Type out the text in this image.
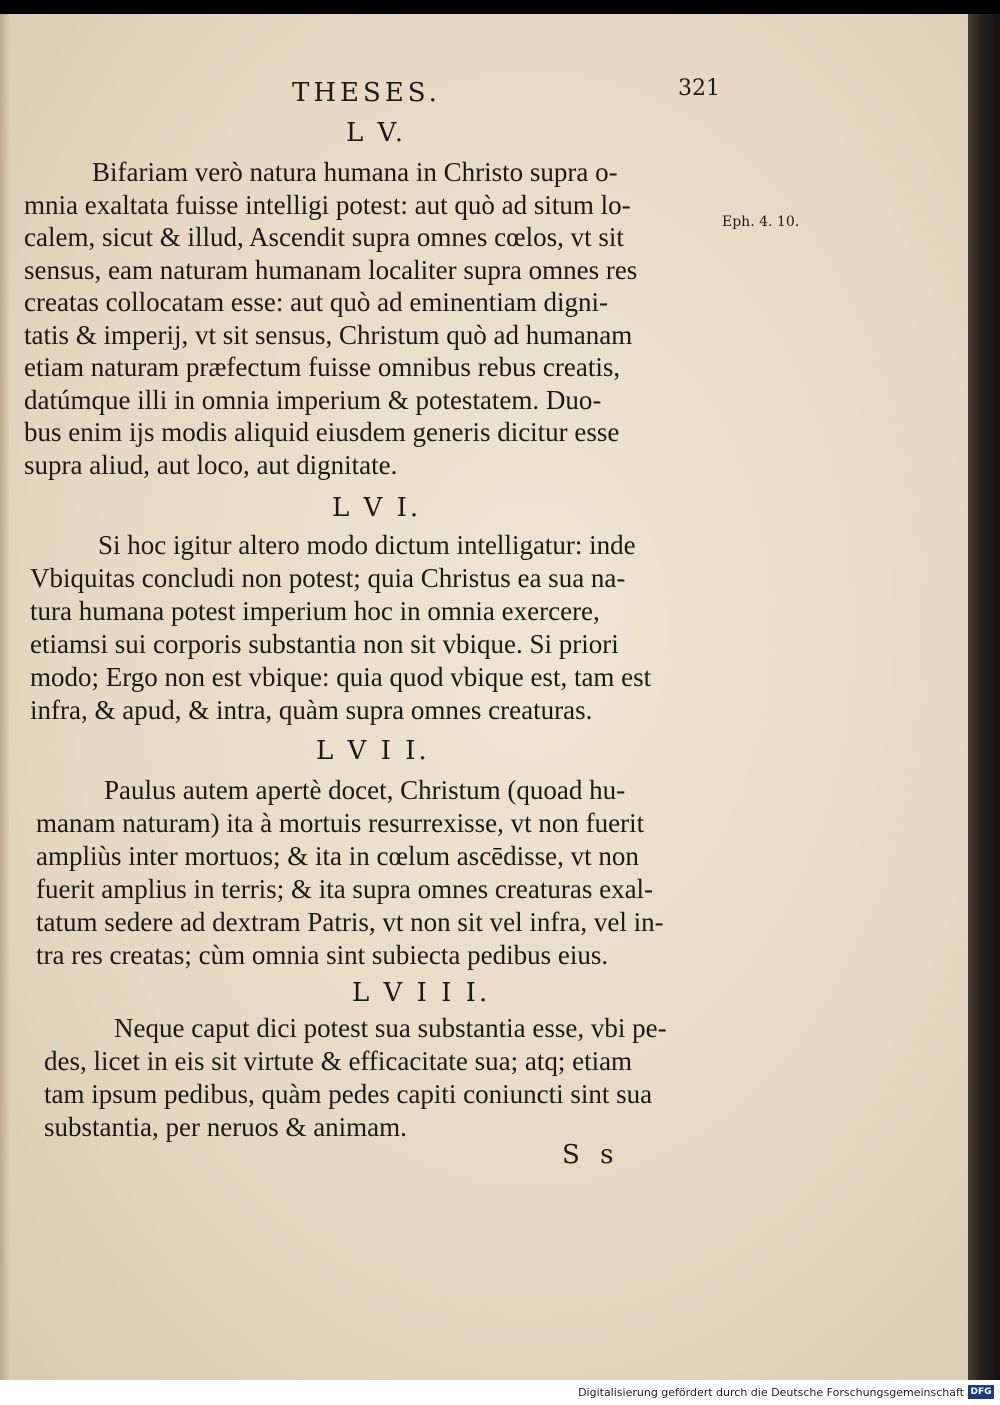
THESES.	321
Eph. 4. 10.
L V.
Bifariam verò natura humana in Christo supra o-
mnia exaltata fuisse intelligi potest: aut quò ad situm lo-
calem, sicut & illud, Ascendit supra omnes cœlos, vt sit
sensus, eam naturam humanam localiter supra omnes res
creatas collocatam esse: aut quò ad eminentiam digni-
tatis & imperij, vt sit sensus, Christum quò ad humanam
etiam naturam præfectum fuisse omnibus rebus creatis,
datúmque illi in omnia imperium & potestatem. Duo-
bus enim ijs modis aliquid eiusdem generis dicitur esse
supra aliud, aut loco, aut dignitate.
L V I.
Si hoc igitur altero modo dictum intelligatur: inde
Vbiquitas concludi non potest; quia Christus ea sua na-
tura humana potest imperium hoc in omnia exercere,
etiamsi sui corporis substantia non sit vbique. Si priori
modo; Ergo non est vbique: quia quod vbique est, tam est
infra, & apud, & intra, quàm supra omnes creaturas.
L V I I.
Paulus autem apertè docet, Christum (quoad hu-
manam naturam) ita à mortuis resurrexisse, vt non fuerit
ampliùs inter mortuos; & ita in cœlum ascēdisse, vt non
fuerit amplius in terris; & ita supra omnes creaturas exal-
tatum sedere ad dextram Patris, vt non sit vel infra, vel in-
tra res creatas; cùm omnia sint subiecta pedibus eius.
L V I I I.
Neque caput dici potest sua substantia esse, vbi pe-
des, licet in eis sit virtute & efficacitate sua; atq; etiam
tam ipsum pedibus, quàm pedes capiti coniuncti sint sua
substantia, per neruos & animam.
S s
Digitalisierung gefördert durch die Deutsche Forschungsgemeinschaft DFG
